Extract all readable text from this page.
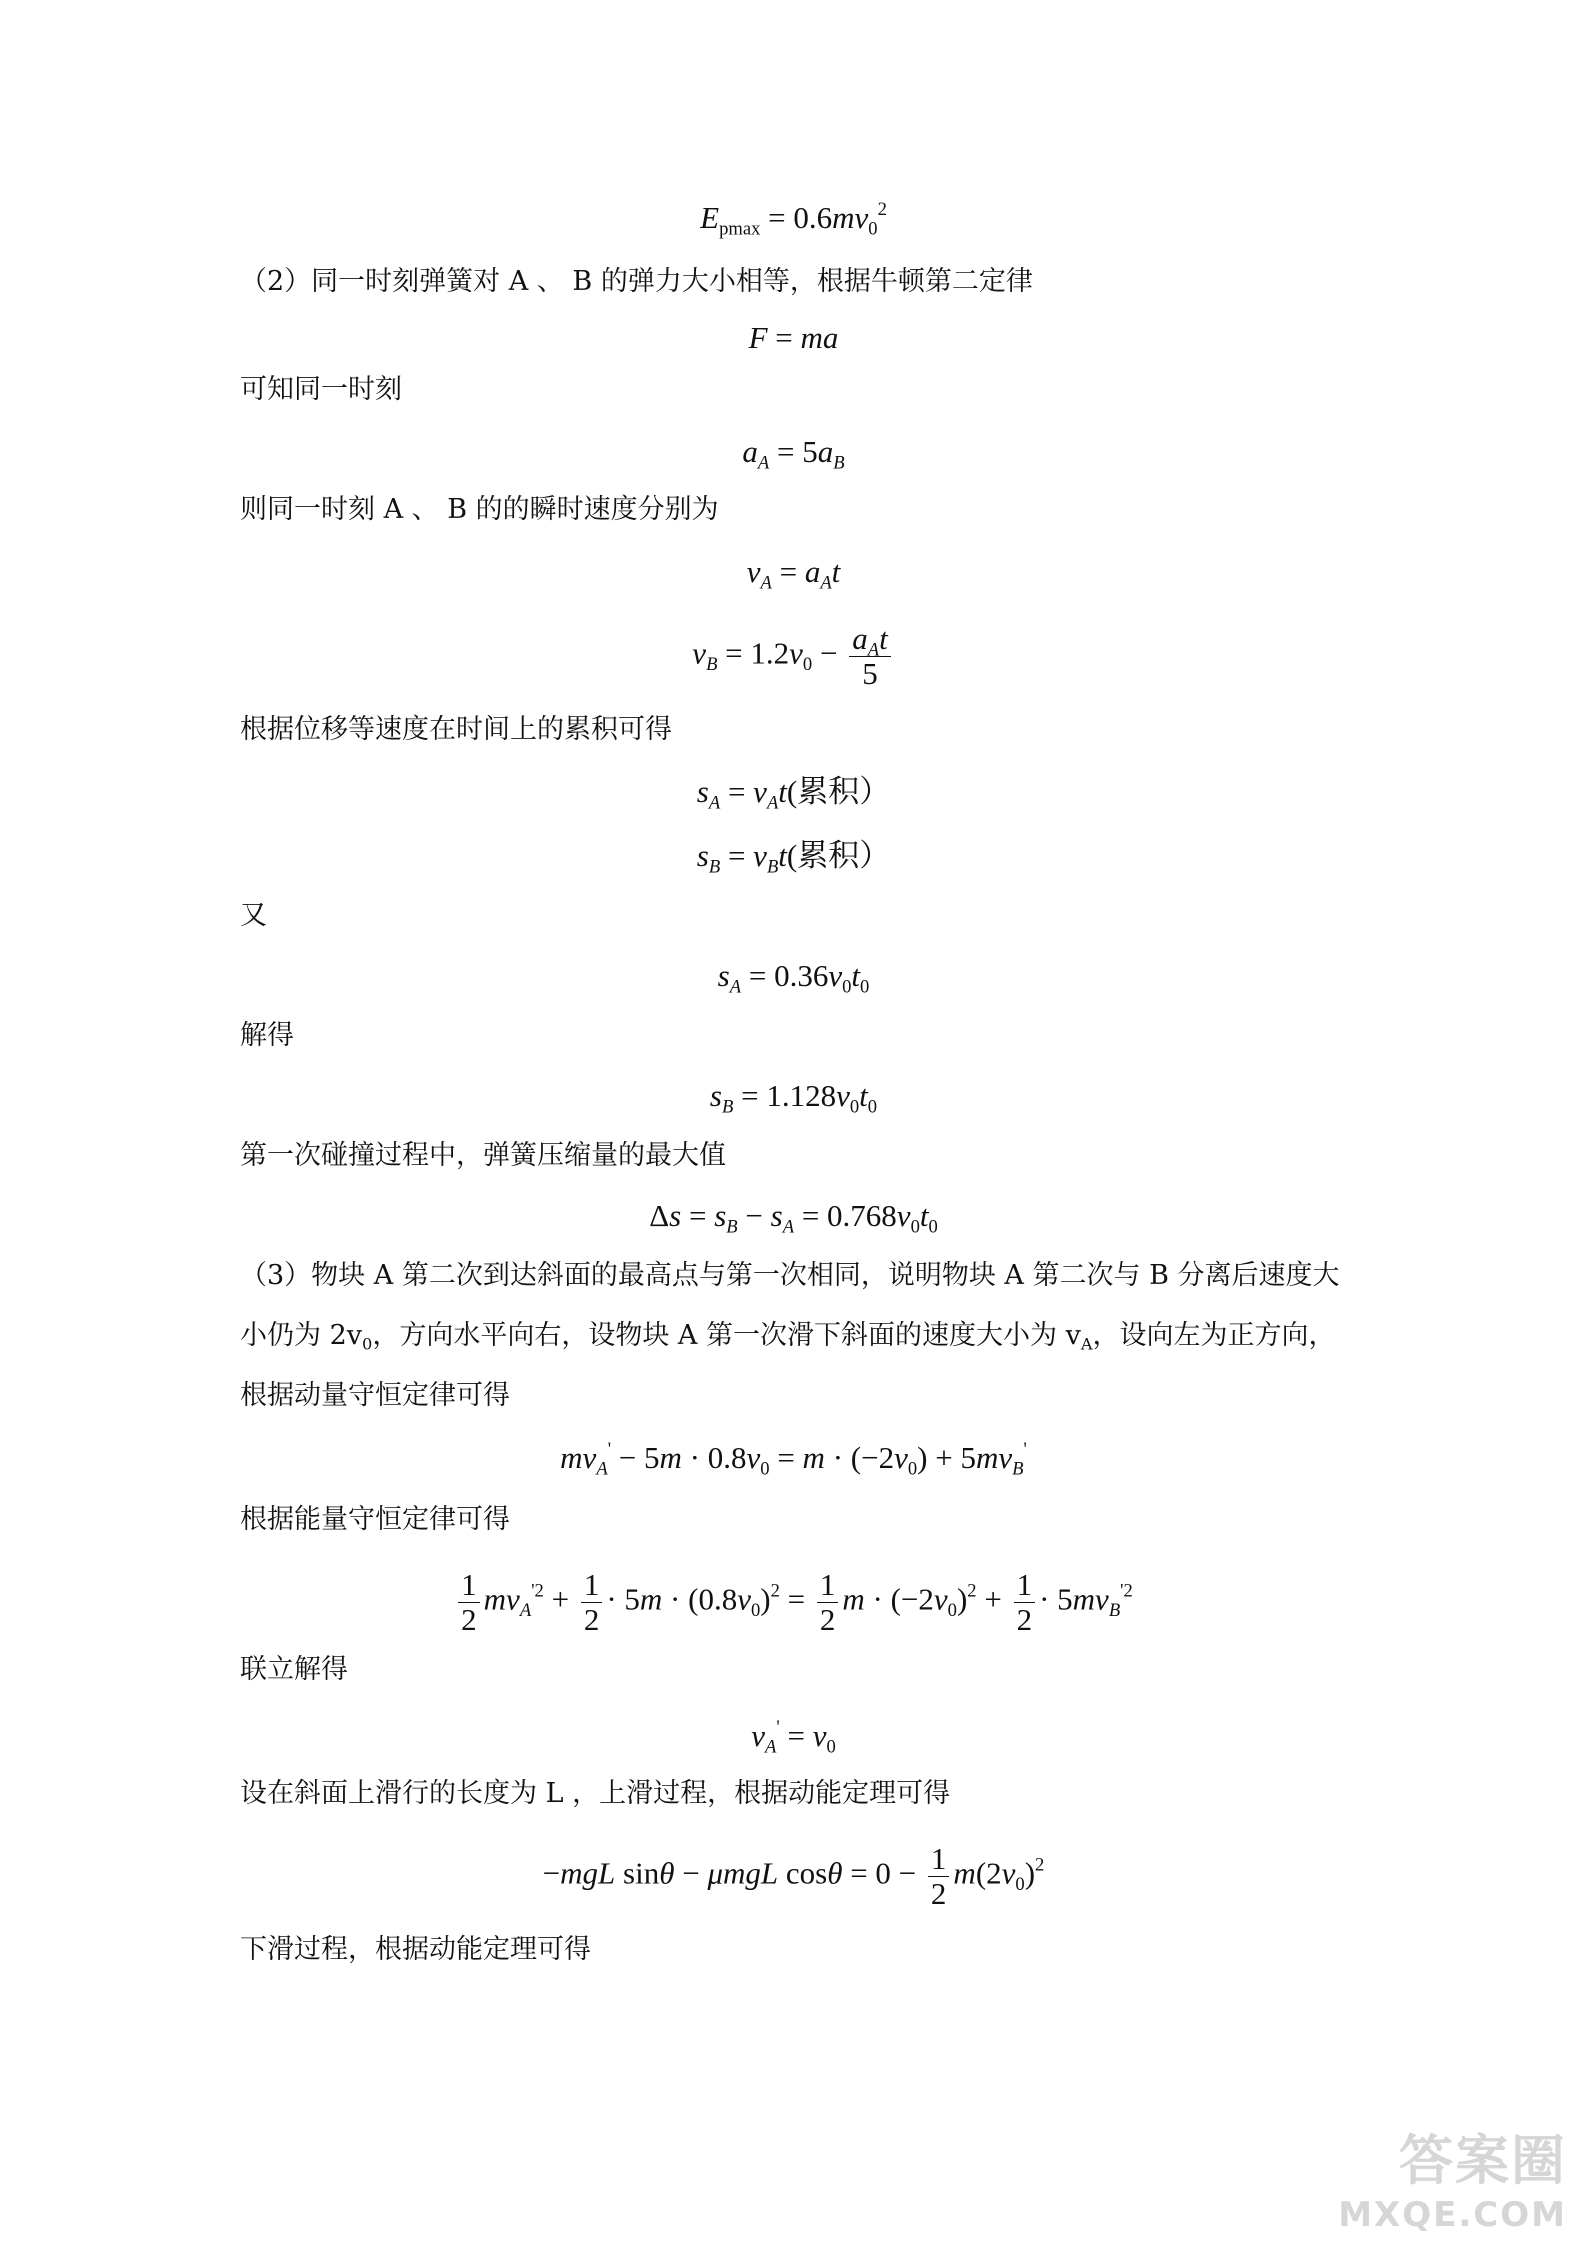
$E_{pmax} = 0.6mv_0^2$
（2）同一时刻弹簧对 A 、 B 的弹力大小相等，根据牛顿第二定律
F = ma
可知同一时刻
$a_A = 5a_B$
则同一时刻 A 、 B 的的瞬时速度分别为
$v_A = a_At$
$v_B = 1.2v_0 - \frac{a_At}{5}$
根据位移等速度在时间上的累积可得
$s_A = v_At$(累积）
$s_B = v_Bt$(累积）
又
$s_A = 0.36v_0t_0$
解得
$s_B = 1.128v_0t_0$
第一次碰撞过程中，弹簧压缩量的最大值
$\Delta s = s_B - s_A = 0.768v_0t_0$
（3）物块 A 第二次到达斜面的最高点与第一次相同，说明物块 A 第二次与 B 分离后速度大
小仍为 $2v_0$，方向水平向右，设物块 A 第一次滑下斜面的速度大小为 $v_A$，设向左为正方向，
根据动量守恒定律可得
$mv_A' - 5m \cdot 0.8v_0 = m \cdot (-2v_0) + 5mv_B'$
根据能量守恒定律可得
$\frac{1}{2} mv_A^{'2} + \frac{1}{2} \cdot 5m \cdot (0.8v_0)^2 = \frac{1}{2}$ $m \cdot (-2v_0)^2 + \frac{1}{2} \cdot 5mv_B^{'2}$
联立解得
$v_A' = v_0$
设在斜面上滑行的长度为 L ，上滑过程，根据动能定理可得
−mgL sinθ − μmgL $\cos\theta = 0 - \frac{1}{2} m(2v_0)^2$
下滑过程，根据动能定理可得
答案圈
MXQE.COM
